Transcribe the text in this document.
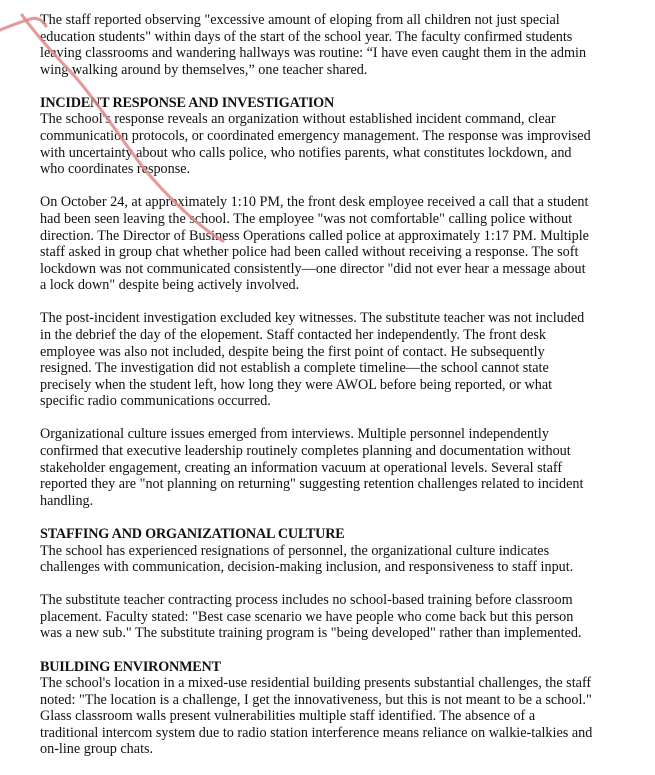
The staff reported observing "excessive amount of eloping from all children not just special
education students" within days of the start of the school year. The faculty confirmed students
leaving classrooms and wandering hallways was routine: “I have even caught them in the admin
wing walking around by themselves,” one teacher shared.

INCIDENT RESPONSE AND INVESTIGATION

The school's response reveals an organization without established incident command, clear
communication protocols, or coordinated emergency management. The response was improvised
with uncertainty about who calls police, who notifies parents, what constitutes lockdown, and
who coordinates response.

On October 24, at approximately 1:10 PM, the front desk employee received a call that a student
had been seen leaving the school. The employee "was not comfortable" calling police without
direction. The Director of Business Operations called police at approximately 1:17 PM. Multiple
staff asked in group chat whether police had been called without receiving a response. The soft
lockdown was not communicated consistently—one director "did not ever hear a message about
a lock down" despite being actively involved.

The post-incident investigation excluded key witnesses. The substitute teacher was not included
in the debrief the day of the elopement. Staff contacted her independently. The front desk
employee was also not included, despite being the first point of contact. He subsequently
resigned. The investigation did not establish a complete timeline—the school cannot state
precisely when the student left, how long they were AWOL before being reported, or what
specific radio communications occurred.

Organizational culture issues emerged from interviews. Multiple personnel independently
confirmed that executive leadership routinely completes planning and documentation without
stakeholder engagement, creating an information vacuum at operational levels. Several staff
reported they are "not planning on returning" suggesting retention challenges related to incident
handling.

STAFFING AND ORGANIZATIONAL CULTURE

The school has experienced resignations of personnel, the organizational culture indicates
challenges with communication, decision-making inclusion, and responsiveness to staff input.

The substitute teacher contracting process includes no school-based training before classroom
placement. Faculty stated: "Best case scenario we have people who come back but this person
was a new sub." The substitute training program is "being developed" rather than implemented.

BUILDING ENVIRONMENT

The school's location in a mixed-use residential building presents substantial challenges, the staff
noted: "The location is a challenge, I get the innovativeness, but this is not meant to be a school."
Glass classroom walls present vulnerabilities multiple staff identified. The absence of a
traditional intercom system due to radio station interference means reliance on walkie-talkies and
on-line group chats.
